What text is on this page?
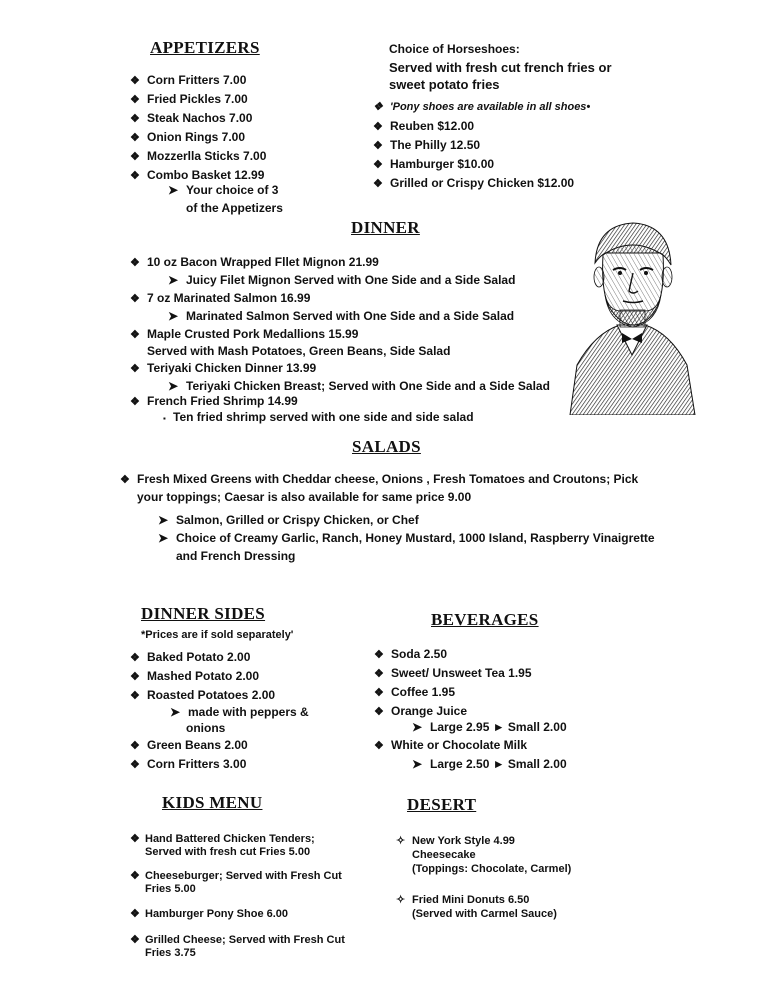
APPETIZERS
❖ Corn Fritters 7.00
❖ Fried Pickles 7.00
❖ Steak Nachos 7.00
❖ Onion Rings 7.00
❖ Mozzerlla Sticks 7.00
❖ Combo Basket 12.99
➤ Your choice of 3
of the Appetizers
Choice of Horseshoes:
Served with fresh cut french fries or
sweet potato fries
❖ 'Pony shoes are available in all shoes•
❖ Reuben $12.00
❖ The Philly 12.50
❖ Hamburger $10.00
❖ Grilled or Crispy Chicken $12.00
DINNER
❖ 10 oz Bacon Wrapped Fllet Mignon 21.99
➤ Juicy Filet Mignon Served with One Side and a Side Salad
❖ 7 oz Marinated Salmon 16.99
➤ Marinated Salmon Served with One Side and a Side Salad
❖ Maple Crusted Pork Medallions 15.99
Served with Mash Potatoes, Green Beans, Side Salad
❖ Teriyaki Chicken Dinner 13.99
➤ Teriyaki Chicken Breast; Served with One Side and a Side Salad
❖ French Fried Shrimp 14.99
▪ Ten fried shrimp served with one side and side salad
SALADS
❖ Fresh Mixed Greens with Cheddar cheese, Onions , Fresh Tomatoes and Croutons; Pick
your toppings; Caesar is also available for same price 9.00
➤ Salmon, Grilled or Crispy Chicken, or Chef
➤ Choice of Creamy Garlic, Ranch, Honey Mustard, 1000 Island, Raspberry Vinaigrette
and French Dressing
DINNER SIDES
*Prices are if sold separately'
❖ Baked Potato 2.00
❖ Mashed Potato 2.00
❖ Roasted Potatoes 2.00
➤ made with peppers &
onions
❖ Green Beans 2.00
❖ Corn Fritters 3.00
BEVERAGES
❖ Soda 2.50
❖ Sweet/ Unsweet Tea 1.95
❖ Coffee 1.95
❖ Orange Juice
➤ Large 2.95 ► Small 2.00
❖ White or Chocolate Milk
➤ Large 2.50 ► Small 2.00
KIDS MENU
❖ Hand Battered Chicken Tenders;
Served with fresh cut Fries 5.00
❖ Cheeseburger; Served with Fresh Cut
Fries 5.00
❖ Hamburger Pony Shoe 6.00
❖ Grilled Cheese; Served with Fresh Cut
Fries 3.75
DESERT
✧ New York Style 4.99
Cheesecake
(Toppings: Chocolate, Carmel)
✧ Fried Mini Donuts 6.50
(Served with Carmel Sauce)
